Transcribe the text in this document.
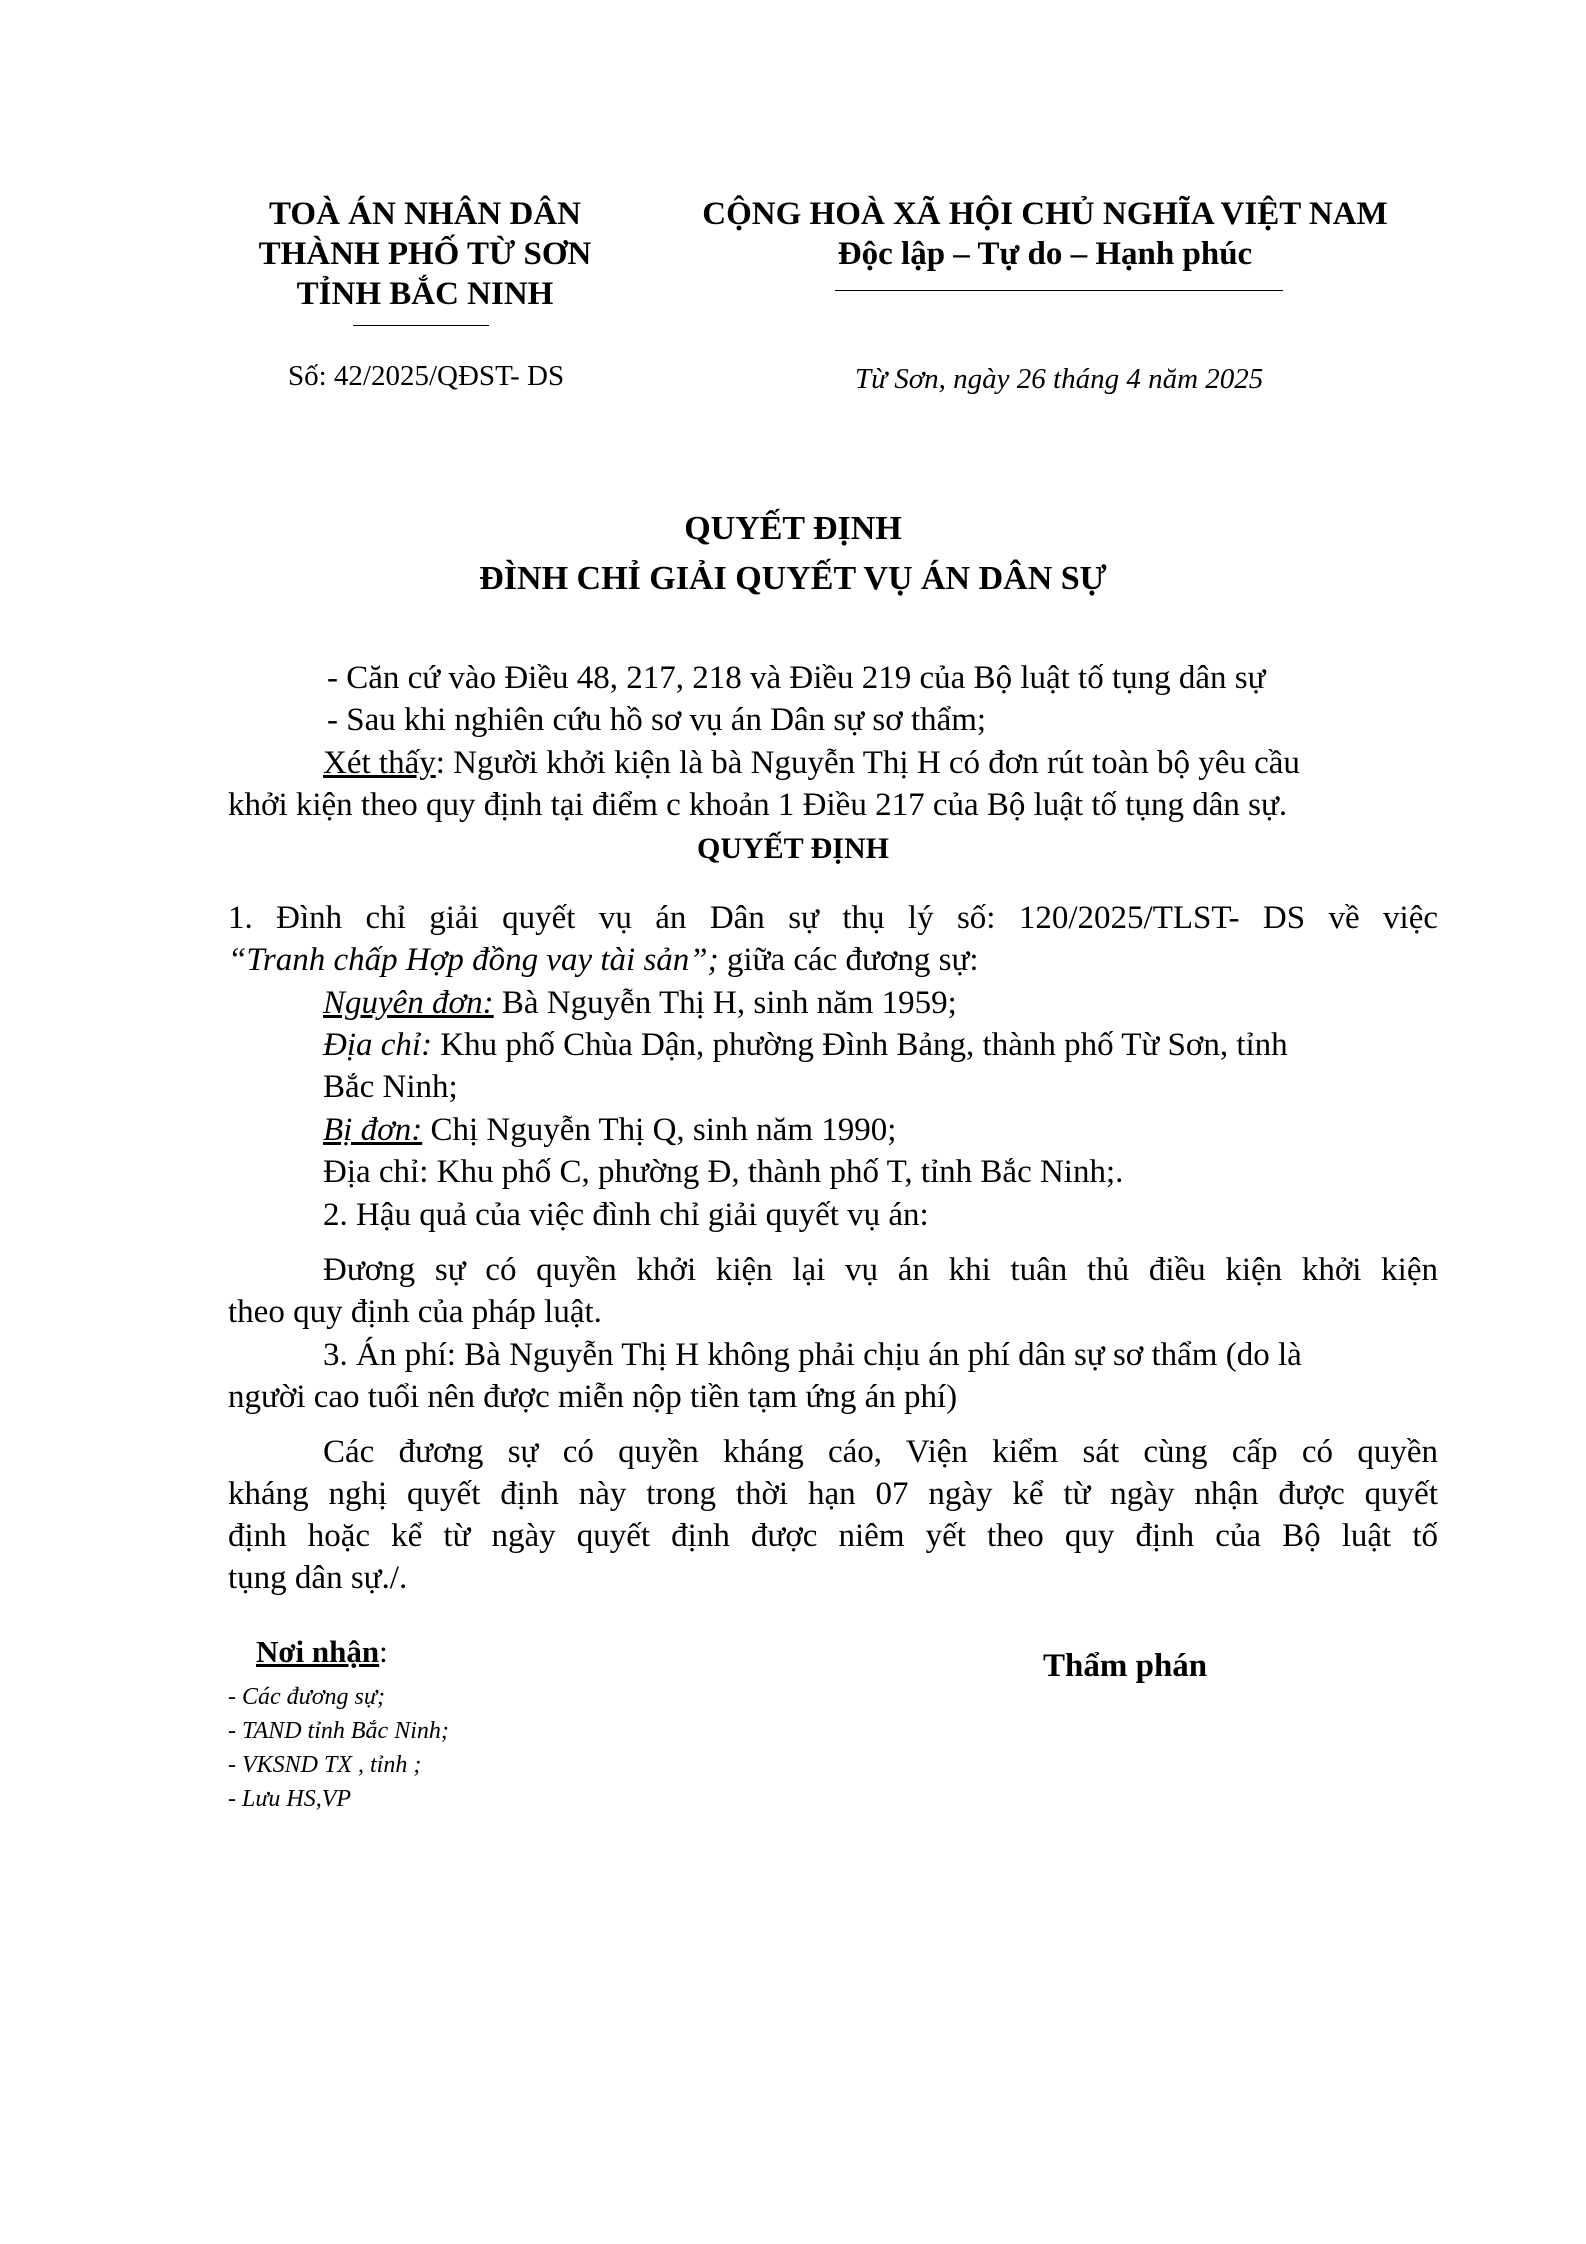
TOÀ ÁN NHÂN DÂN
THÀNH PHỐ TỪ SƠN
TỈNH BẮC NINH
CỘNG HOÀ XÃ HỘI CHỦ NGHĨA VIỆT NAM
Độc lập – Tự do – Hạnh phúc
Số: 42/2025/QĐST- DS	Từ Sơn, ngày 26 tháng 4 năm 2025
QUYẾT ĐỊNH
ĐÌNH CHỈ GIẢI QUYẾT VỤ ÁN DÂN SỰ
- Căn cứ vào Điều 48, 217, 218 và Điều 219 của Bộ luật tố tụng dân sự
- Sau khi nghiên cứu hồ sơ vụ án Dân sự sơ thẩm;
Xét thấy: Người khởi kiện là bà Nguyễn Thị H có đơn rút toàn bộ yêu cầu
khởi kiện theo quy định tại điểm c khoản 1 Điều 217 của Bộ luật tố tụng dân sự.
QUYẾT ĐỊNH
1. Đình chỉ giải quyết vụ án Dân sự thụ lý số: 120/2025/TLST- DS về việc
“Tranh chấp Hợp đồng vay tài sản”; giữa các đương sự:
Nguyên đơn: Bà Nguyễn Thị H, sinh năm 1959;
Địa chỉ: Khu phố Chùa Dận, phường Đình Bảng, thành phố Từ Sơn, tỉnh
Bắc Ninh;
Bị đơn: Chị Nguyễn Thị Q, sinh năm 1990;
Địa chỉ: Khu phố C, phường Đ, thành phố T, tỉnh Bắc Ninh;.
2. Hậu quả của việc đình chỉ giải quyết vụ án:
Đương sự có quyền khởi kiện lại vụ án khi tuân thủ điều kiện khởi kiện
theo quy định của pháp luật.
3. Án phí: Bà Nguyễn Thị H không phải chịu án phí dân sự sơ thẩm (do là
người cao tuổi nên được miễn nộp tiền tạm ứng án phí)
Các đương sự có quyền kháng cáo, Viện kiểm sát cùng cấp có quyền
kháng nghị quyết định này trong thời hạn 07 ngày kể từ ngày nhận được quyết
định hoặc kể từ ngày quyết định được niêm yết theo quy định của Bộ luật tố
tụng dân sự./.
Nơi nhận:
- Các đương sự;
- TAND tỉnh Bắc Ninh;
- VKSND TX , tỉnh ;
- Lưu HS,VP
Thẩm phán
